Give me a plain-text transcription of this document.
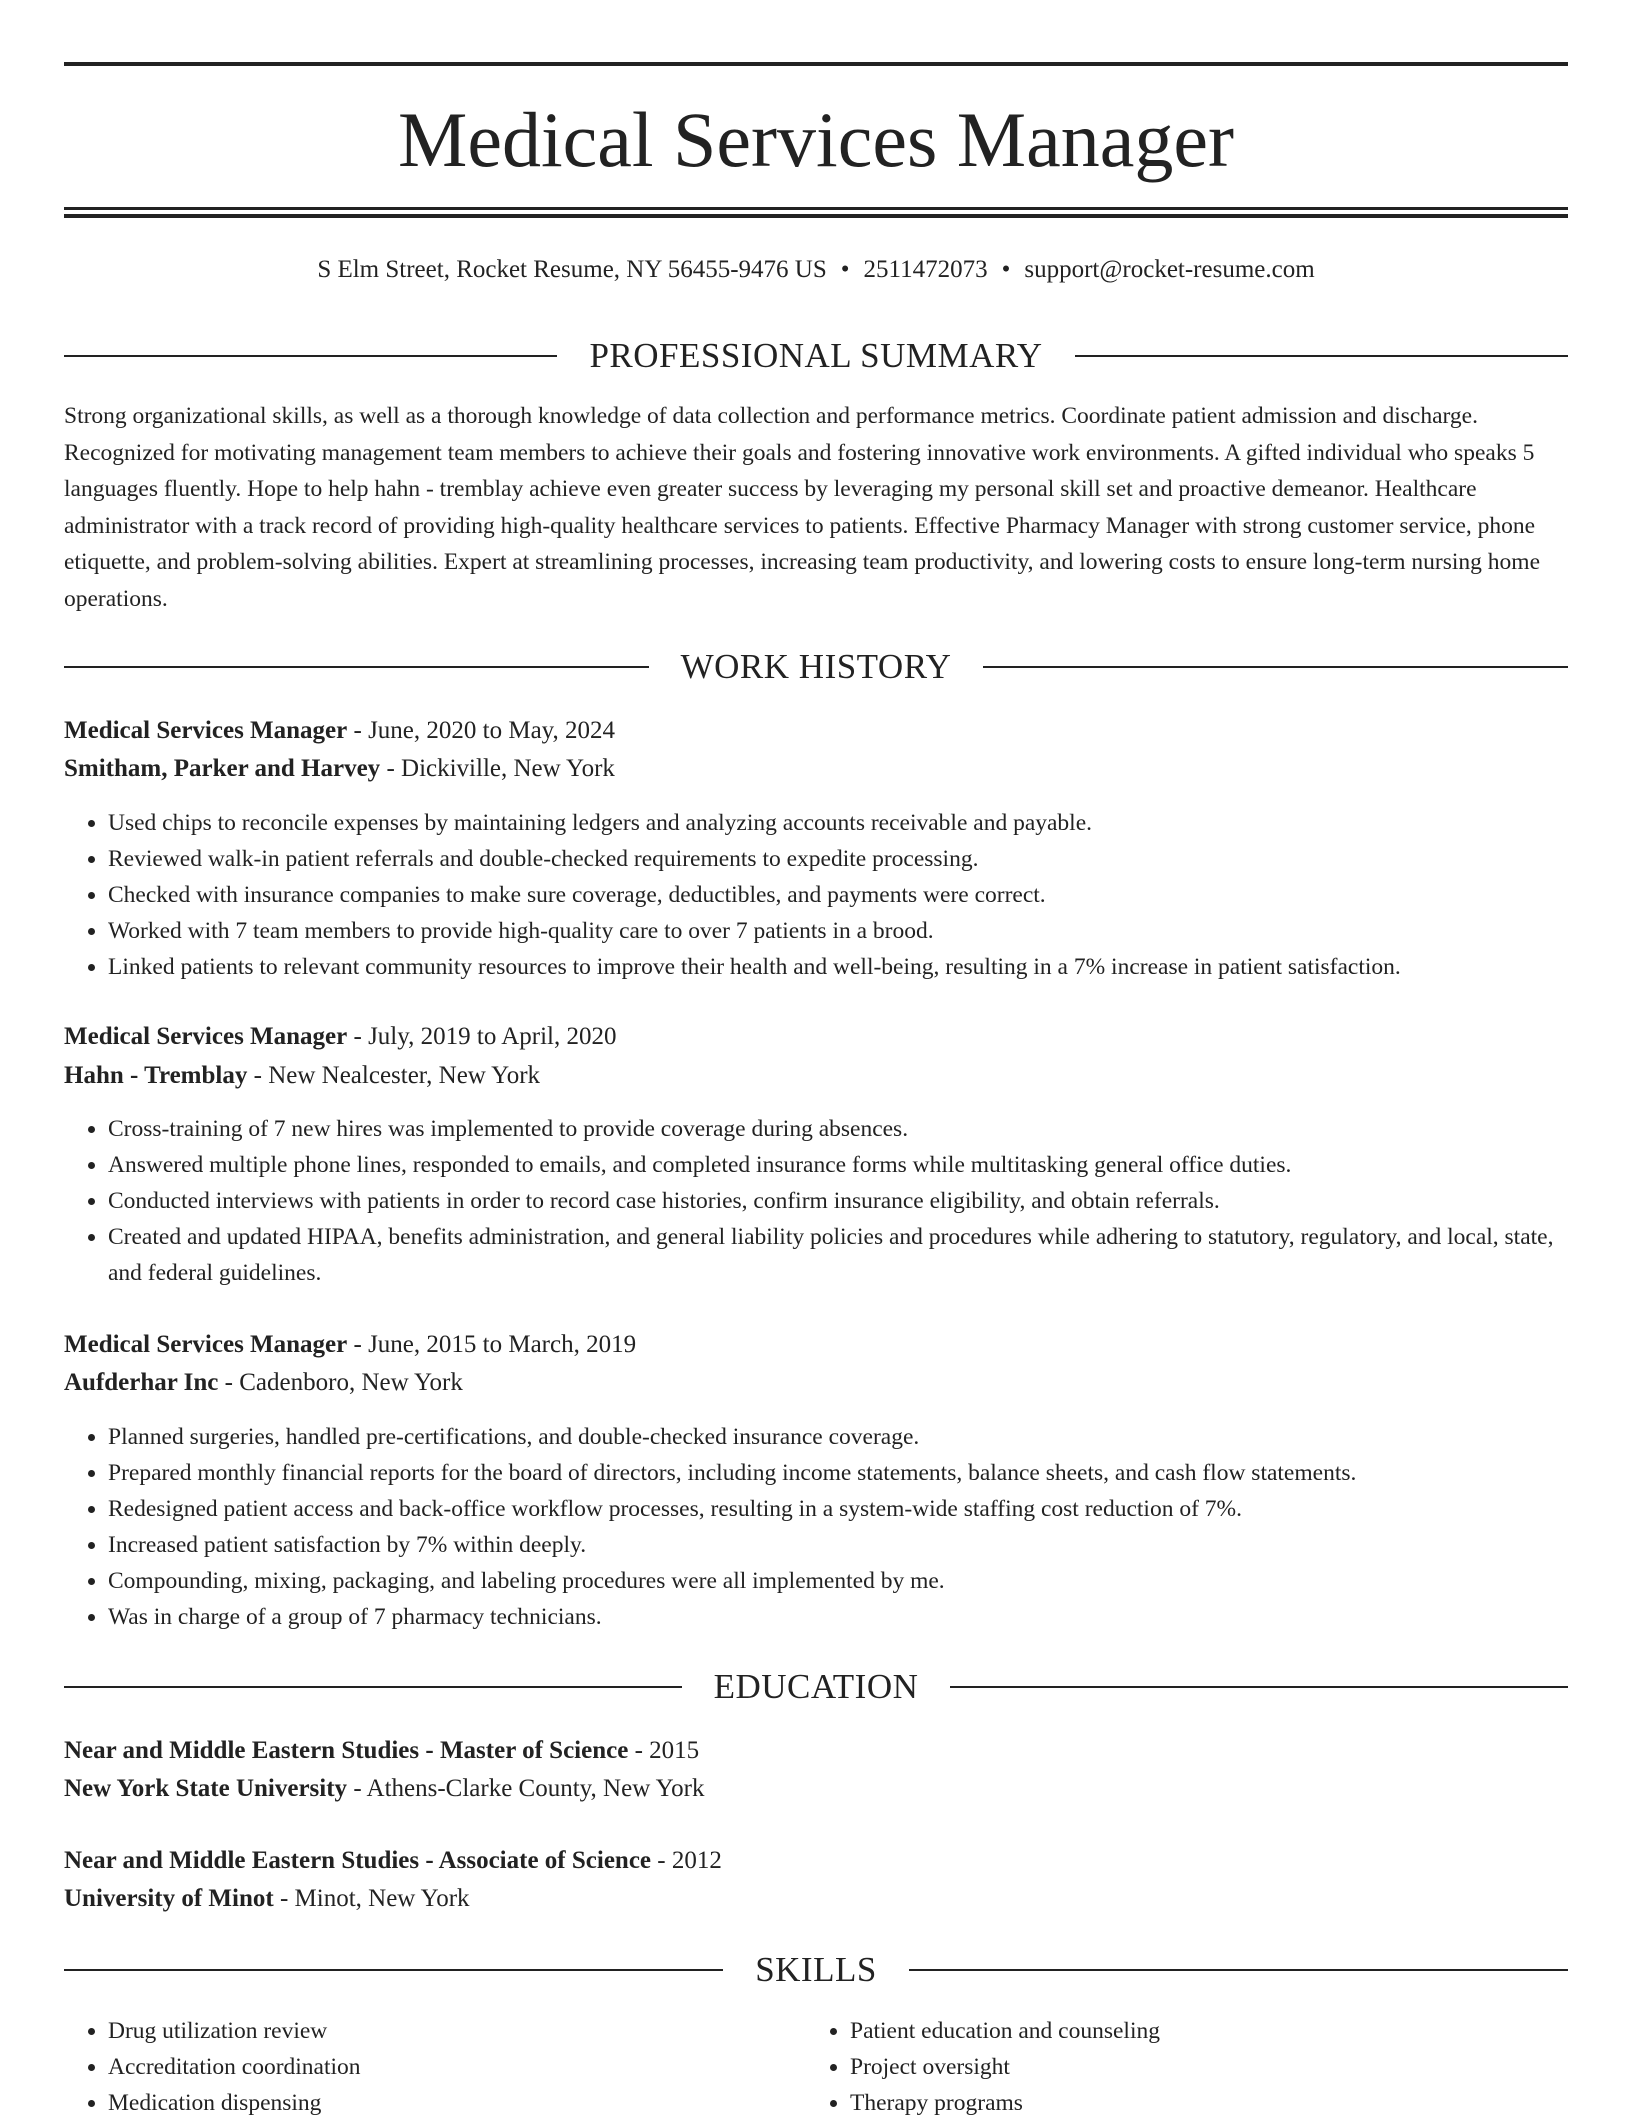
Medical Services Manager
S Elm Street, Rocket Resume, NY 56455-9476 US • 2511472073 • support@rocket-resume.com
PROFESSIONAL SUMMARY
Strong organizational skills, as well as a thorough knowledge of data collection and performance metrics. Coordinate patient admission and discharge. Recognized for motivating management team members to achieve their goals and fostering innovative work environments. A gifted individual who speaks 5 languages fluently. Hope to help hahn - tremblay achieve even greater success by leveraging my personal skill set and proactive demeanor. Healthcare administrator with a track record of providing high-quality healthcare services to patients. Effective Pharmacy Manager with strong customer service, phone etiquette, and problem-solving abilities. Expert at streamlining processes, increasing team productivity, and lowering costs to ensure long-term nursing home operations.
WORK HISTORY
Medical Services Manager - June, 2020 to May, 2024
Smitham, Parker and Harvey - Dickiville, New York
• Used chips to reconcile expenses by maintaining ledgers and analyzing accounts receivable and payable.
• Reviewed walk-in patient referrals and double-checked requirements to expedite processing.
• Checked with insurance companies to make sure coverage, deductibles, and payments were correct.
• Worked with 7 team members to provide high-quality care to over 7 patients in a brood.
• Linked patients to relevant community resources to improve their health and well-being, resulting in a 7% increase in patient satisfaction.
Medical Services Manager - July, 2019 to April, 2020
Hahn - Tremblay - New Nealcester, New York
• Cross-training of 7 new hires was implemented to provide coverage during absences.
• Answered multiple phone lines, responded to emails, and completed insurance forms while multitasking general office duties.
• Conducted interviews with patients in order to record case histories, confirm insurance eligibility, and obtain referrals.
• Created and updated HIPAA, benefits administration, and general liability policies and procedures while adhering to statutory, regulatory, and local, state, and federal guidelines.
Medical Services Manager - June, 2015 to March, 2019
Aufderhar Inc - Cadenboro, New York
• Planned surgeries, handled pre-certifications, and double-checked insurance coverage.
• Prepared monthly financial reports for the board of directors, including income statements, balance sheets, and cash flow statements.
• Redesigned patient access and back-office workflow processes, resulting in a system-wide staffing cost reduction of 7%.
• Increased patient satisfaction by 7% within deeply.
• Compounding, mixing, packaging, and labeling procedures were all implemented by me.
• Was in charge of a group of 7 pharmacy technicians.
EDUCATION
Near and Middle Eastern Studies - Master of Science - 2015
New York State University - Athens-Clarke County, New York
Near and Middle Eastern Studies - Associate of Science - 2012
University of Minot - Minot, New York
SKILLS
• Drug utilization review
• Accreditation coordination
• Medication dispensing
• Patient education and counseling
• Project oversight
• Therapy programs
